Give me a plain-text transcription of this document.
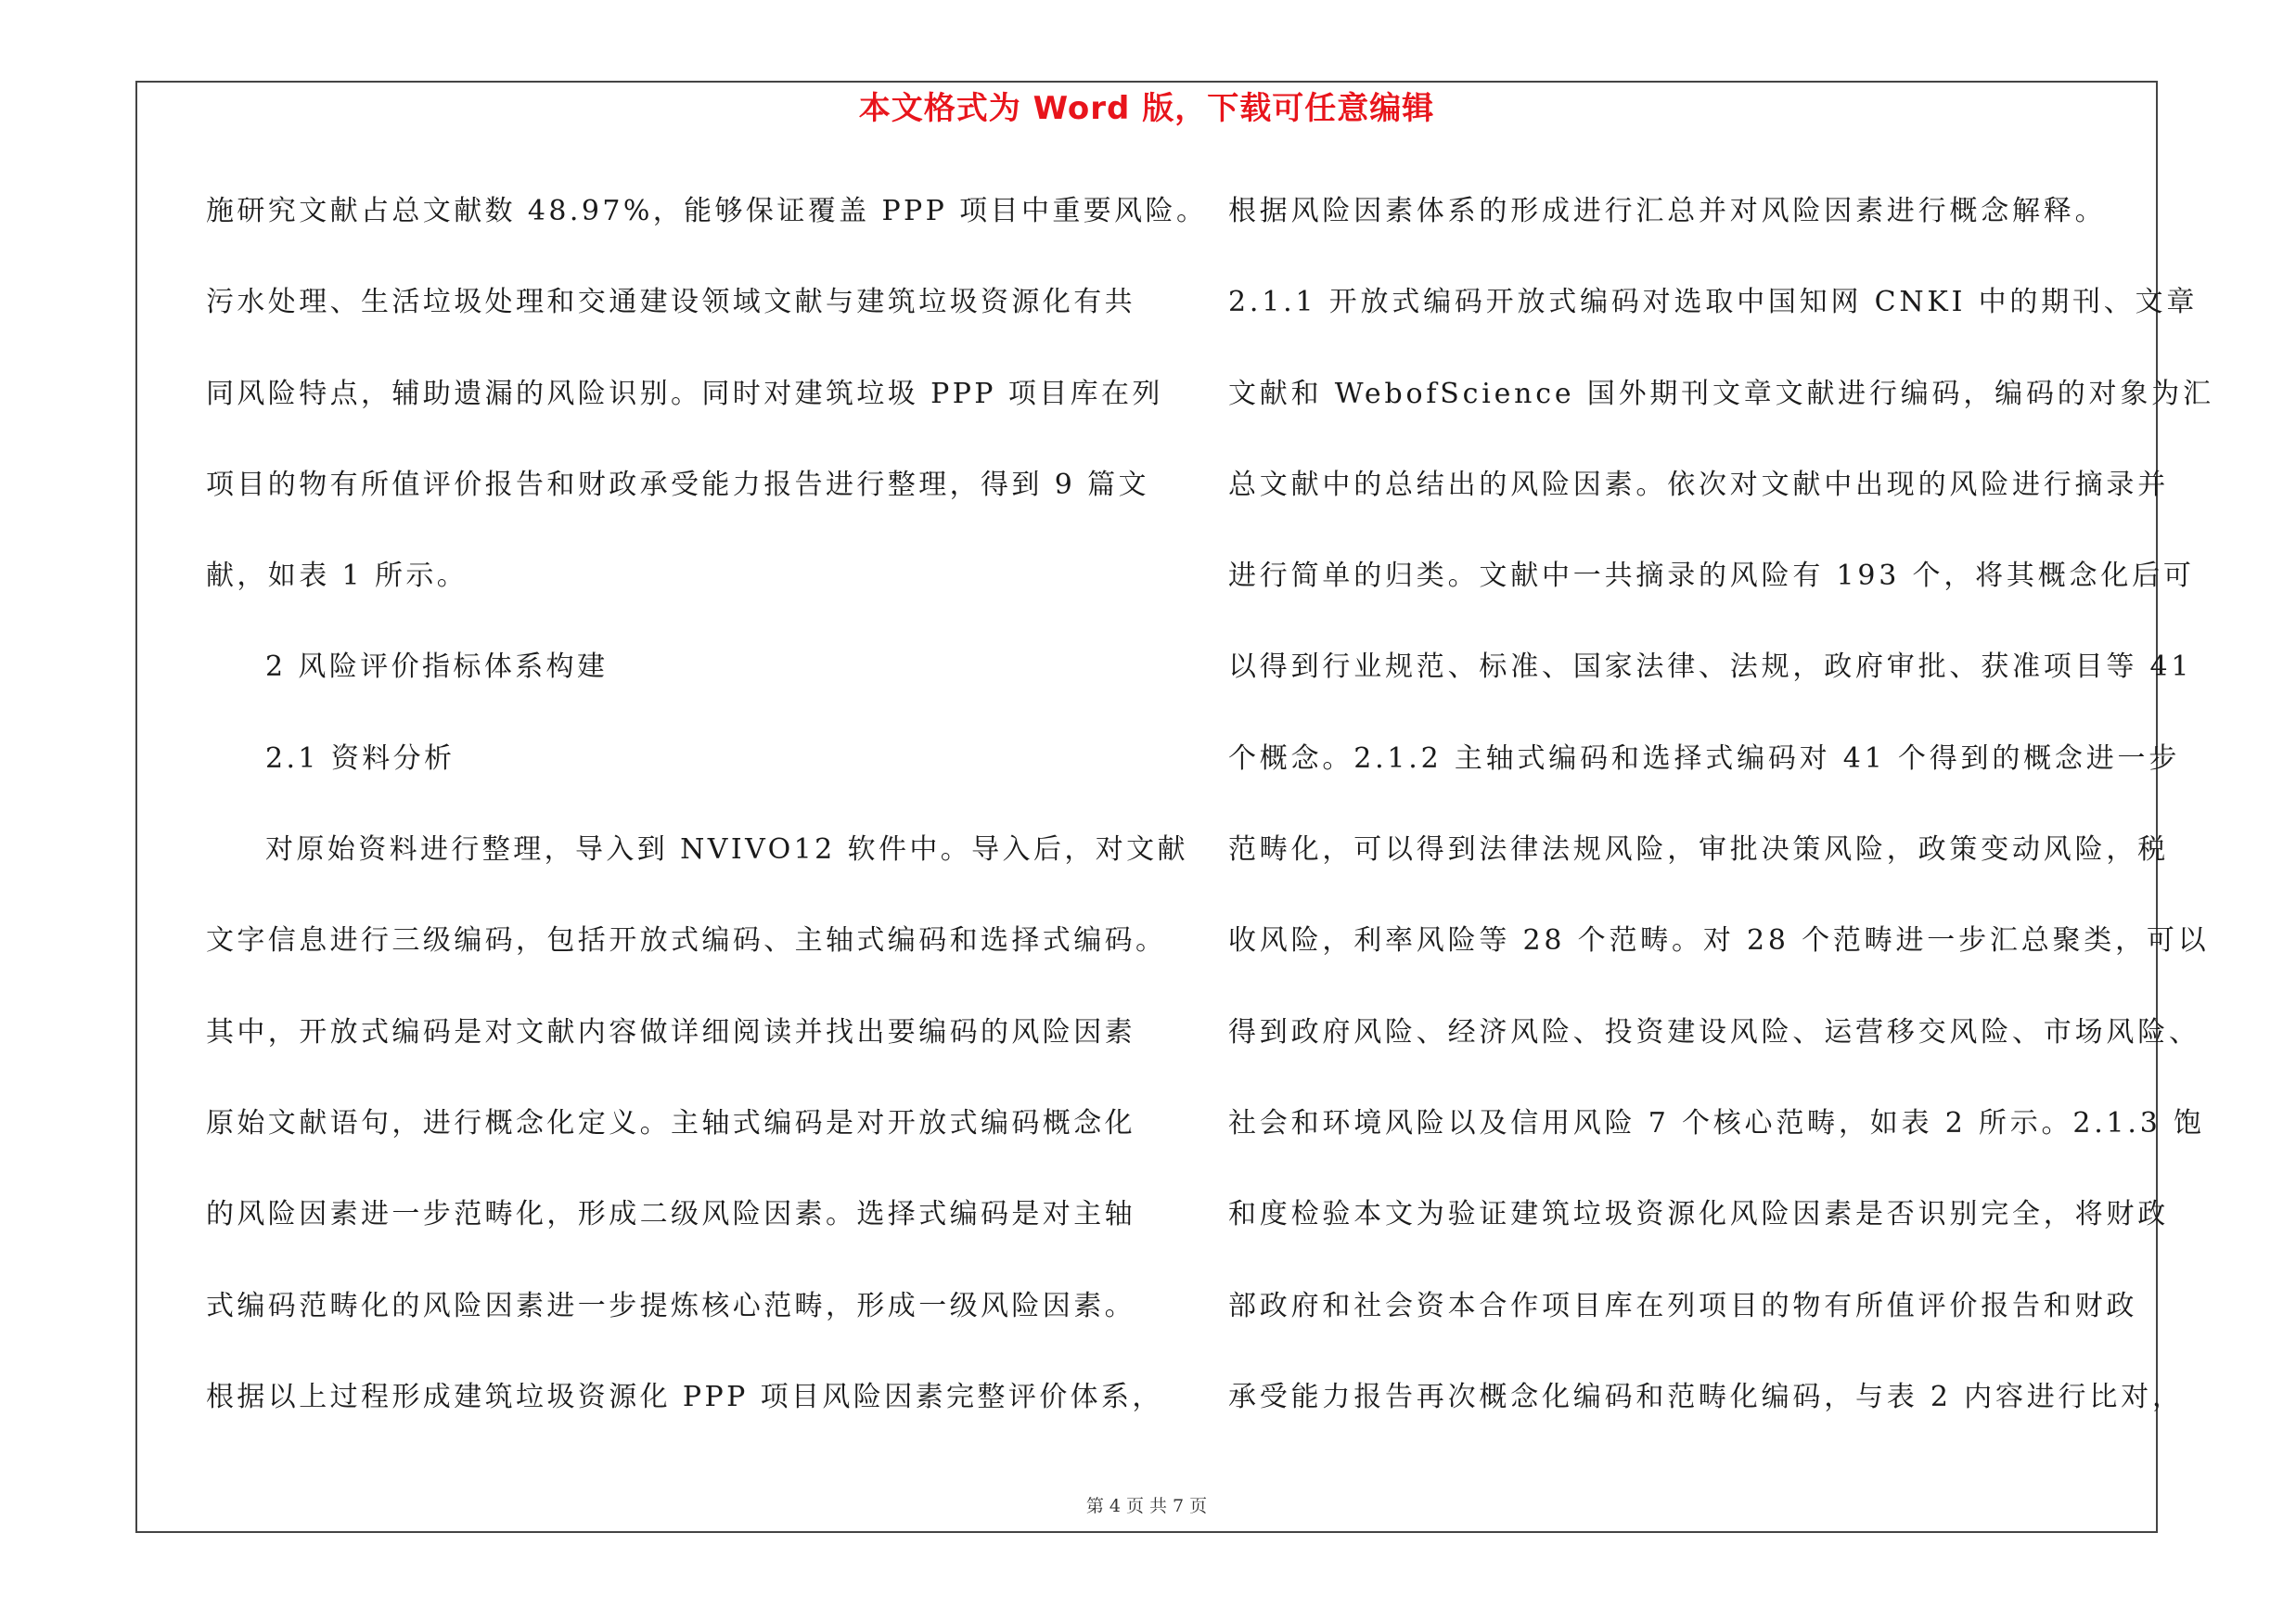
本文格式为 Word 版，下载可任意编辑
施研究文献占总文献数 48.97%，能够保证覆盖 PPP 项目中重要风险。
污水处理、生活垃圾处理和交通建设领域文献与建筑垃圾资源化有共
同风险特点，辅助遗漏的风险识别。同时对建筑垃圾 PPP 项目库在列
项目的物有所值评价报告和财政承受能力报告进行整理，得到 9 篇文
献，如表 1 所示。
2 风险评价指标体系构建
2.1 资料分析
对原始资料进行整理，导入到 NVIVO12 软件中。导入后，对文献
文字信息进行三级编码，包括开放式编码、主轴式编码和选择式编码。
其中，开放式编码是对文献内容做详细阅读并找出要编码的风险因素
原始文献语句，进行概念化定义。主轴式编码是对开放式编码概念化
的风险因素进一步范畴化，形成二级风险因素。选择式编码是对主轴
式编码范畴化的风险因素进一步提炼核心范畴，形成一级风险因素。
根据以上过程形成建筑垃圾资源化 PPP 项目风险因素完整评价体系，
根据风险因素体系的形成进行汇总并对风险因素进行概念解释。
2.1.1 开放式编码开放式编码对选取中国知网 CNKI 中的期刊、文章
文献和 WebofScience 国外期刊文章文献进行编码，编码的对象为汇
总文献中的总结出的风险因素。依次对文献中出现的风险进行摘录并
进行简单的归类。文献中一共摘录的风险有 193 个，将其概念化后可
以得到行业规范、标准、国家法律、法规，政府审批、获准项目等 41
个概念。2.1.2 主轴式编码和选择式编码对 41 个得到的概念进一步
范畴化，可以得到法律法规风险，审批决策风险，政策变动风险，税
收风险，利率风险等 28 个范畴。对 28 个范畴进一步汇总聚类，可以
得到政府风险、经济风险、投资建设风险、运营移交风险、市场风险、
社会和环境风险以及信用风险 7 个核心范畴，如表 2 所示。2.1.3 饱
和度检验本文为验证建筑垃圾资源化风险因素是否识别完全，将财政
部政府和社会资本合作项目库在列项目的物有所值评价报告和财政
承受能力报告再次概念化编码和范畴化编码，与表 2 内容进行比对，
第 4 页 共 7 页
